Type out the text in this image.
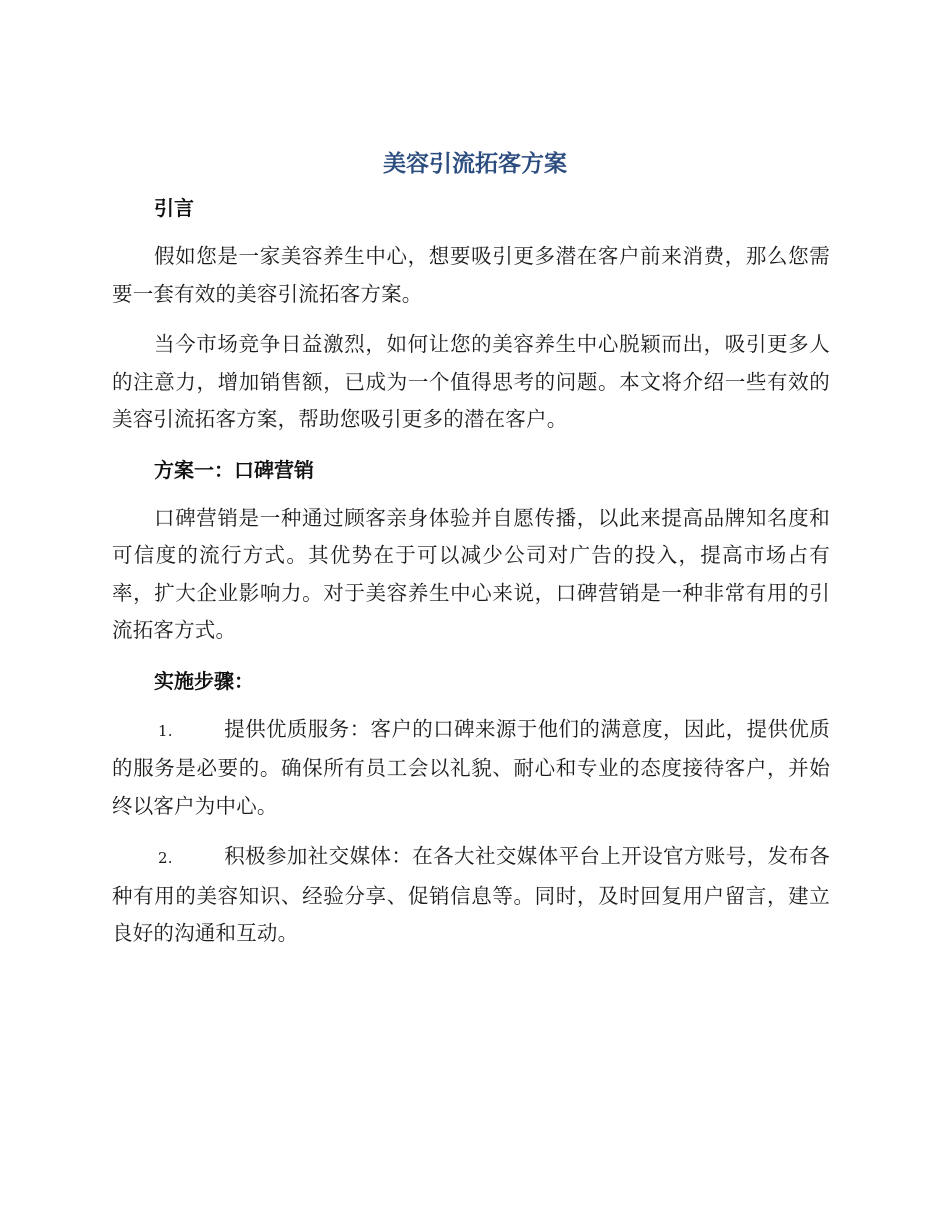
美容引流拓客方案
引言

假如您是一家美容养生中心，想要吸引更多潜在客户前来消费，那么您需要一套有效的美容引流拓客方案。

当今市场竞争日益激烈，如何让您的美容养生中心脱颖而出，吸引更多人的注意力，增加销售额，已成为一个值得思考的问题。本文将介绍一些有效的美容引流拓客方案，帮助您吸引更多的潜在客户。

方案一：口碑营销

口碑营销是一种通过顾客亲身体验并自愿传播，以此来提高品牌知名度和可信度的流行方式。其优势在于可以减少公司对广告的投入，提高市场占有率，扩大企业影响力。对于美容养生中心来说，口碑营销是一种非常有用的引流拓客方式。

实施步骤：
1.	提供优质服务：客户的口碑来源于他们的满意度，因此，提供优质的服务是必要的。确保所有员工会以礼貌、耐心和专业的态度接待客户，并始终以客户为中心。
2.	积极参加社交媒体：在各大社交媒体平台上开设官方账号，发布各种有用的美容知识、经验分享、促销信息等。同时，及时回复用户留言，建立良好的沟通和互动。
